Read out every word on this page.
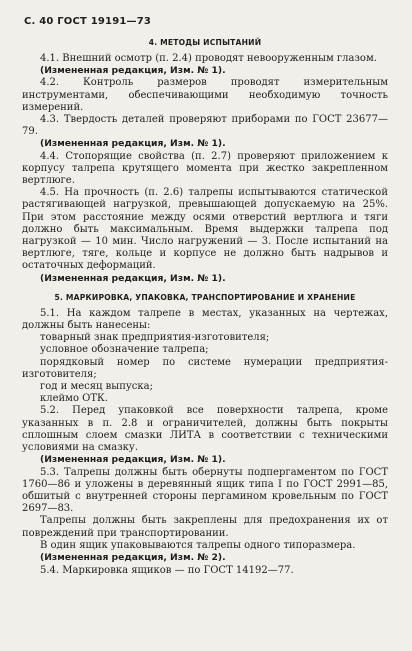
С. 40 ГОСТ 19191—73
4. МЕТОДЫ ИСПЫТАНИЙ

4.1. Внешний осмотр (п. 2.4) проводят невооруженным глазом.

(Измененная редакция, Изм. № 1).

4.2. Контроль размеров проводят измерительным инструментами, обеспечивающими необходимую точность измерений.

4.3. Твердость деталей проверяют приборами по ГОСТ 23677—79.

(Измененная редакция, Изм. № 1).

4.4. Стопорящие свойства (п. 2.7) проверяют приложением к корпусу талрепа крутящего момента при жестко закрепленном вертлюге.

4.5. На прочность (п. 2.6) талрепы испытываются статической растягивающей нагрузкой, превышающей допускаемую на 25%. При этом расстояние между осями отверстий вертлюга и тяги должно быть максимальным. Время выдержки талрепа под нагрузкой — 10 мин. Число нагружений — 3. После испытаний на вертлюге, тяге, кольце и корпусе не должно быть надрывов и остаточных деформаций.

(Измененная редакция, Изм. № 1).

5. МАРКИРОВКА, УПАКОВКА, ТРАНСПОРТИРОВАНИЕ И ХРАНЕНИЕ

5.1. На каждом талрепе в местах, указанных на чертежах, должны быть нанесены:

товарный знак предприятия-изготовителя;

условное обозначение талрепа;

порядковый номер по системе нумерации предприятия-изготовителя;

год и месяц выпуска;

клеймо ОТК.

5.2. Перед упаковкой все поверхности талрепа, кроме указанных в п. 2.8 и ограничителей, должны быть покрыты сплошным слоем смазки ЛИТА в соответствии с техническими условиями на смазку.

(Измененная редакция, Изм. № 1).

5.3. Талрепы должны быть обернуты подпергаментом по ГОСТ 1760—86 и уложены в деревянный ящик типа I по ГОСТ 2991—85, обшитый с внутренней стороны пергамином кровельным по ГОСТ 2697—83.

Талрепы должны быть закреплены для предохранения их от повреждений при транспортировании.

В один ящик упаковываются талрепы одного типоразмера.

(Измененная редакция, Изм. № 2).

5.4. Маркировка ящиков — по ГОСТ 14192—77.
